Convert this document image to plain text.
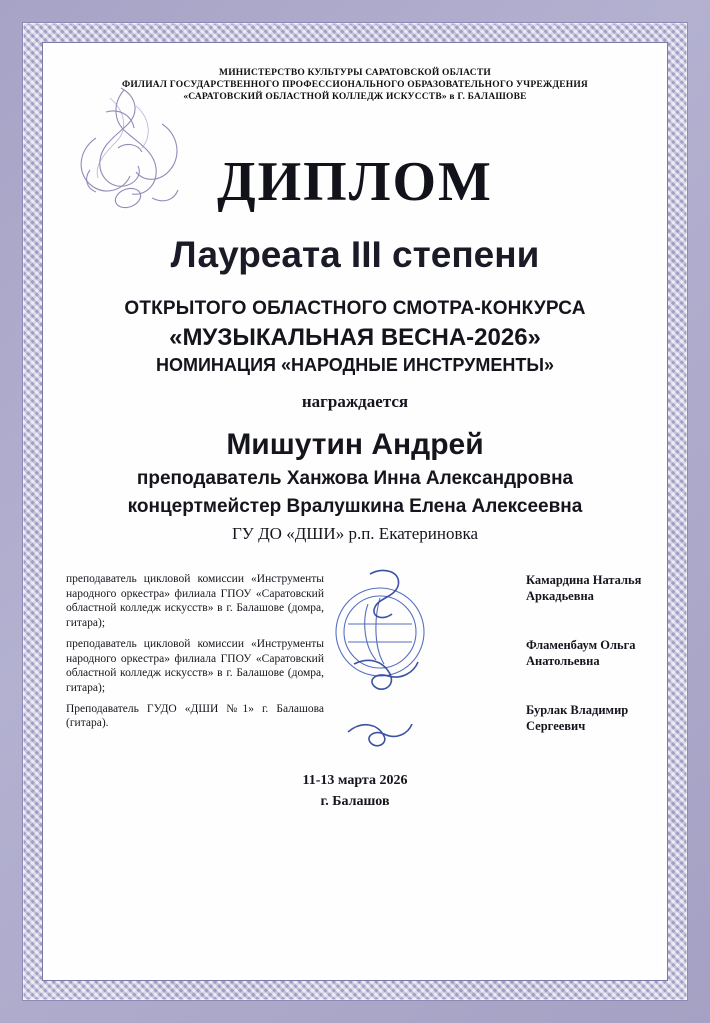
МИНИСТЕРСТВО КУЛЬТУРЫ САРАТОВСКОЙ ОБЛАСТИ
ФИЛИАЛ ГОСУДАРСТВЕННОГО ПРОФЕССИОНАЛЬНОГО ОБРАЗОВАТЕЛЬНОГО УЧРЕЖДЕНИЯ
«САРАТОВСКИЙ ОБЛАСТНОЙ КОЛЛЕДЖ ИСКУССТВ» в Г. БАЛАШОВЕ
ДИПЛОМ
Лауреата III степени
ОТКРЫТОГО ОБЛАСТНОГО СМОТРА-КОНКУРСА
«МУЗЫКАЛЬНАЯ ВЕСНА-2026»
НОМИНАЦИЯ «НАРОДНЫЕ ИНСТРУМЕНТЫ»
награждается
Мишутин Андрей
преподаватель Ханжова Инна Александровна
концертмейстер Вралушкина Елена Алексеевна
ГУ ДО «ДШИ» р.п. Екатериновка
преподаватель цикловой комиссии «Инструменты народного оркестра» филиала ГПОУ «Саратовский областной колледж искусств» в г. Балашове (домра, гитара);
Камардина Наталья Аркадьевна
преподаватель цикловой комиссии «Инструменты народного оркестра» филиала ГПОУ «Саратовский областной колледж искусств» в г. Балашове (домра, гитара);
Фламенбаум Ольга Анатольевна
Преподаватель ГУДО «ДШИ №1» г. Балашова (гитара).
Бурлак Владимир Сергеевич
11-13 марта 2026
г. Балашов
